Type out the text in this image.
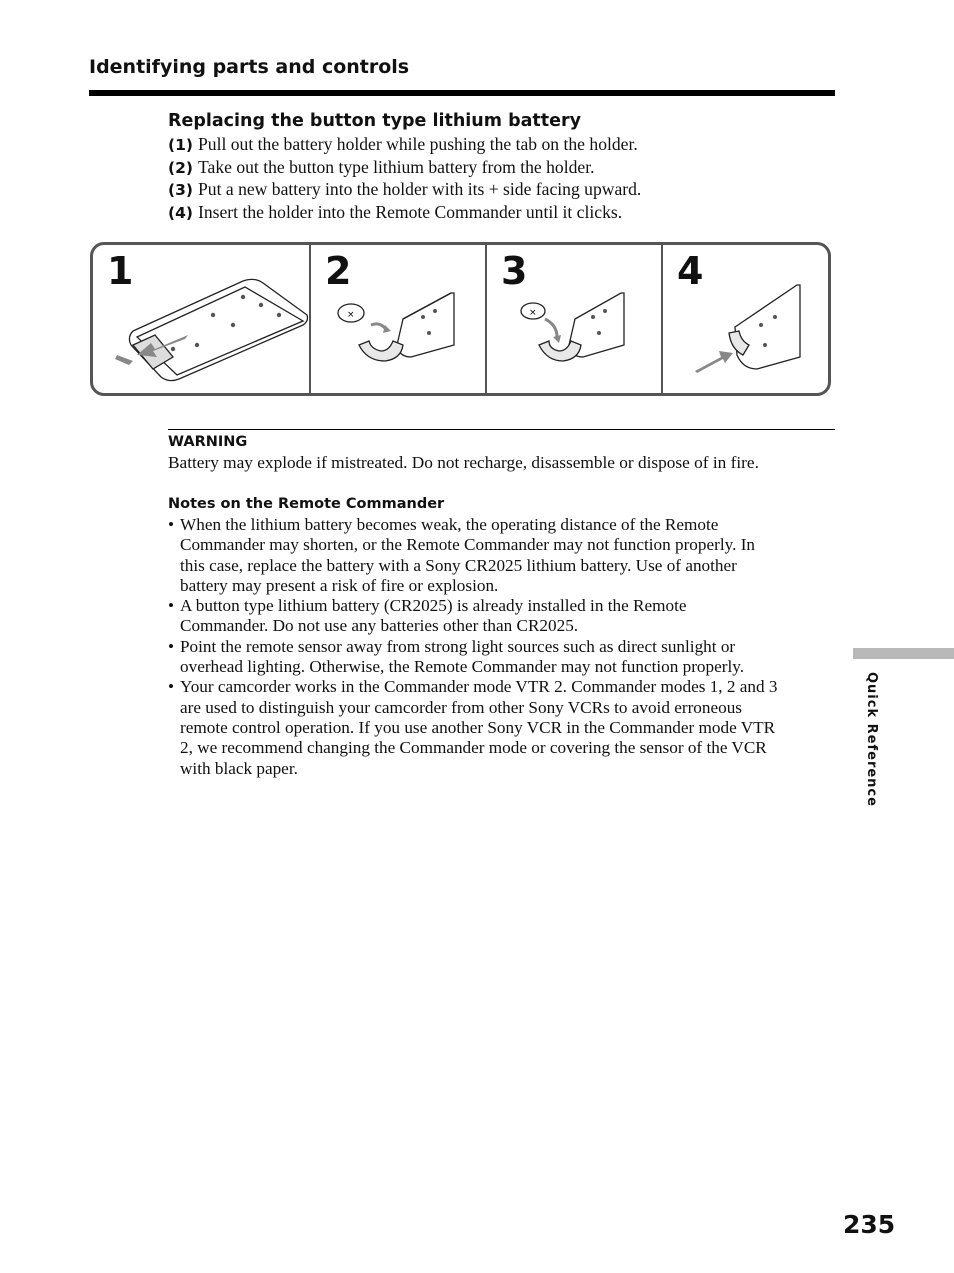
Identifying parts and controls
Replacing the button type lithium battery
(1) Pull out the battery holder while pushing the tab on the holder.
(2) Take out the button type lithium battery from the holder.
(3) Put a new battery into the holder with its + side facing upward.
(4) Insert the holder into the Remote Commander until it clicks.
1	2
×
3
×
4
WARNING
Battery may explode if mistreated. Do not recharge, disassemble or dispose of in fire.
Notes on the Remote Commander
• When the lithium battery becomes weak, the operating distance of the Remote
Commander may shorten, or the Remote Commander may not function properly. In
this case, replace the battery with a Sony CR2025 lithium battery. Use of another
battery may present a risk of fire or explosion.
• A button type lithium battery (CR2025) is already installed in the Remote
Commander. Do not use any batteries other than CR2025.
• Point the remote sensor away from strong light sources such as direct sunlight or
overhead lighting. Otherwise, the Remote Commander may not function properly.
• Your camcorder works in the Commander mode VTR 2. Commander modes 1, 2 and 3
are used to distinguish your camcorder from other Sony VCRs to avoid erroneous
remote control operation. If you use another Sony VCR in the Commander mode VTR
2, we recommend changing the Commander mode or covering the sensor of the VCR
with black paper.	Quick Reference
235
